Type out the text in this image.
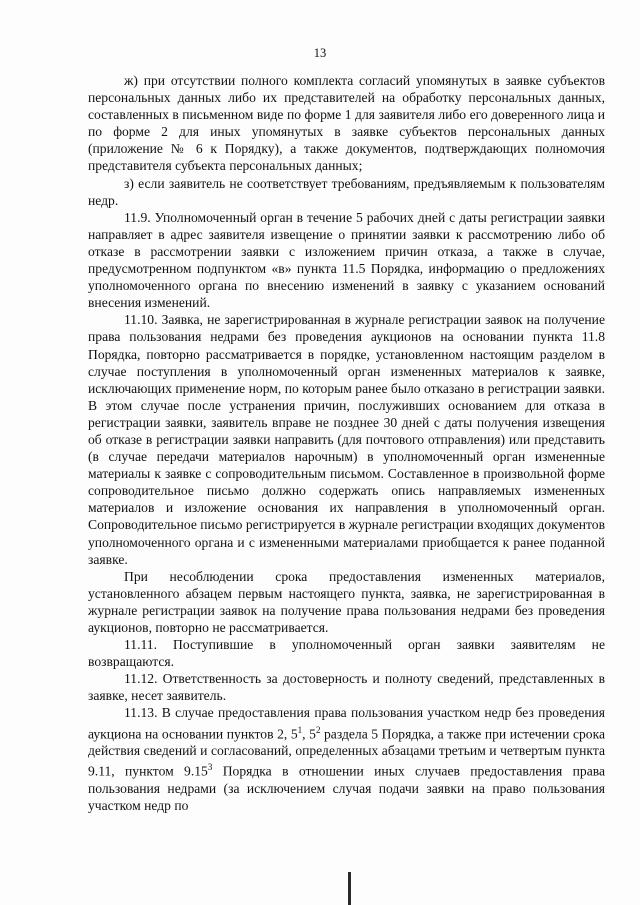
13

ж) при отсутствии полного комплекта согласий упомянутых в заявке субъектов персональных данных либо их представителей на обработку персональных данных, составленных в письменном виде по форме 1 для заявителя либо его доверенного лица и по форме 2 для иных упомянутых в заявке субъектов персональных данных (приложение № 6 к Порядку), а также документов, подтверждающих полномочия представителя субъекта персональных данных;

з) если заявитель не соответствует требованиям, предъявляемым к пользователям недр.

11.9. Уполномоченный орган в течение 5 рабочих дней с даты регистрации заявки направляет в адрес заявителя извещение о принятии заявки к рассмотрению либо об отказе в рассмотрении заявки с изложением причин отказа, а также в случае, предусмотренном подпунктом «в» пункта 11.5 Порядка, информацию о предложениях уполномоченного органа по внесению изменений в заявку с указанием оснований внесения изменений.

11.10. Заявка, не зарегистрированная в журнале регистрации заявок на получение права пользования недрами без проведения аукционов на основании пункта 11.8 Порядка, повторно рассматривается в порядке, установленном настоящим разделом в случае поступления в уполномоченный орган измененных материалов к заявке, исключающих применение норм, по которым ранее было отказано в регистрации заявки. В этом случае после устранения причин, послуживших основанием для отказа в регистрации заявки, заявитель вправе не позднее 30 дней с даты получения извещения об отказе в регистрации заявки направить (для почтового отправления) или представить (в случае передачи материалов нарочным) в уполномоченный орган измененные материалы к заявке с сопроводительным письмом. Составленное в произвольной форме сопроводительное письмо должно содержать опись направляемых измененных материалов и изложение основания их направления в уполномоченный орган. Сопроводительное письмо регистрируется в журнале регистрации входящих документов уполномоченного органа и с измененными материалами приобщается к ранее поданной заявке.

При несоблюдении срока предоставления измененных материалов, установленного абзацем первым настоящего пункта, заявка, не зарегистрированная в журнале регистрации заявок на получение права пользования недрами без проведения аукционов, повторно не рассматривается.

11.11. Поступившие в уполномоченный орган заявки заявителям не возвращаются.

11.12. Ответственность за достоверность и полноту сведений, представленных в заявке, несет заявитель.

11.13. В случае предоставления права пользования участком недр без проведения аукциона на основании пунктов 2, $5^1$, $5^2$ раздела 5 Порядка, а также при истечении срока действия сведений и согласований, определенных абзацами третьим и четвертым пункта 9.11, пунктом 9.15$^3$ Порядка в отношении иных случаев предоставления права пользования недрами (за исключением случая подачи заявки на право пользования участком недр по
